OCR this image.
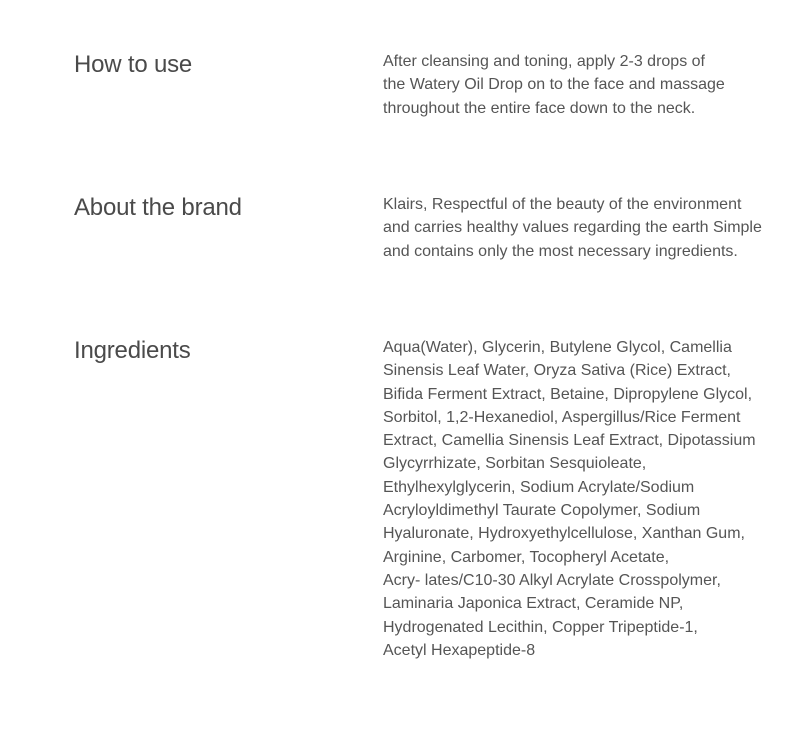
How to use	After cleansing and toning, apply 2-3 drops of
the Watery Oil Drop on to the face and massage
throughout the entire face down to the neck.

About the brand	Klairs, Respectful of the beauty of the environment
and carries healthy values regarding the earth Simple
and contains only the most necessary ingredients.

Ingredients	Aqua(Water), Glycerin, Butylene Glycol, Camellia
Sinensis Leaf Water, Oryza Sativa (Rice) Extract,
Bifida Ferment Extract, Betaine, Dipropylene Glycol,
Sorbitol, 1,2-Hexanediol, Aspergillus/Rice Ferment
Extract, Camellia Sinensis Leaf Extract, Dipotassium
Glycyrrhizate, Sorbitan Sesquioleate,
Ethylhexylglycerin, Sodium Acrylate/Sodium
Acryloyldimethyl Taurate Copolymer, Sodium
Hyaluronate, Hydroxyethylcellulose, Xanthan Gum,
Arginine, Carbomer, Tocopheryl Acetate,
Acry- lates/C10-30 Alkyl Acrylate Crosspolymer,
Laminaria Japonica Extract, Ceramide NP,
Hydrogenated Lecithin, Copper Tripeptide-1,
Acetyl Hexapeptide-8
